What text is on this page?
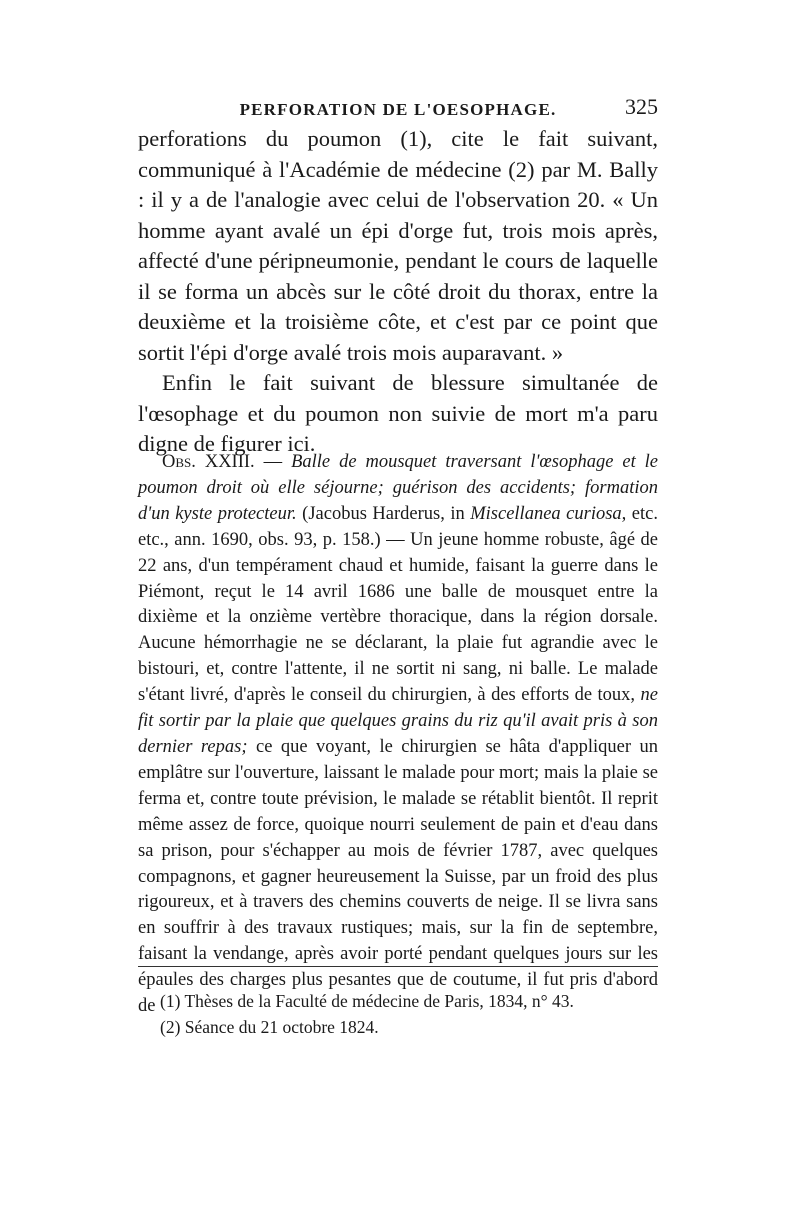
PERFORATION DE L'OESOPHAGE.	325

perforations du poumon (1), cite le fait suivant, communiqué à l'Académie de médecine (2) par M. Bally : il y a de l'analogie avec celui de l'observation 20. « Un homme ayant avalé un épi d'orge fut, trois mois après, affecté d'une péripneumonie, pendant le cours de laquelle il se forma un abcès sur le côté droit du thorax, entre la deuxième et la troisième côte, et c'est par ce point que sortit l'épi d'orge avalé trois mois auparavant. »

Enfin le fait suivant de blessure simultanée de l'œsophage et du poumon non suivie de mort m'a paru digne de figurer ici.

Obs. XXIII. — Balle de mousquet traversant l'œsophage et le poumon droit où elle séjourne; guérison des accidents; formation d'un kyste protecteur. (Jacobus Harderus, in Miscellanea curiosa, etc. etc., ann. 1690, obs. 93, p. 158.) — Un jeune homme robuste, âgé de 22 ans, d'un tempérament chaud et humide, faisant la guerre dans le Piémont, reçut le 14 avril 1686 une balle de mousquet entre la dixième et la onzième vertèbre thoracique, dans la région dorsale. Aucune hémorrhagie ne se déclarant, la plaie fut agrandie avec le bistouri, et, contre l'attente, il ne sortit ni sang, ni balle. Le malade s'étant livré, d'après le conseil du chirurgien, à des efforts de toux, ne fit sortir par la plaie que quelques grains du riz qu'il avait pris à son dernier repas; ce que voyant, le chirurgien se hâta d'appliquer un emplâtre sur l'ouverture, laissant le malade pour mort; mais la plaie se ferma et, contre toute prévision, le malade se rétablit bientôt. Il reprit même assez de force, quoique nourri seulement de pain et d'eau dans sa prison, pour s'échapper au mois de février 1787, avec quelques compagnons, et gagner heureusement la Suisse, par un froid des plus rigoureux, et à travers des chemins couverts de neige. Il se livra sans en souffrir à des travaux rustiques; mais, sur la fin de septembre, faisant la vendange, après avoir porté pendant quelques jours sur les épaules des charges plus pesantes que de coutume, il fut pris d'abord de (1) Thèses de la Faculté de médecine de Paris, 1834, n° 43.
(2) Séance du 21 octobre 1824.
